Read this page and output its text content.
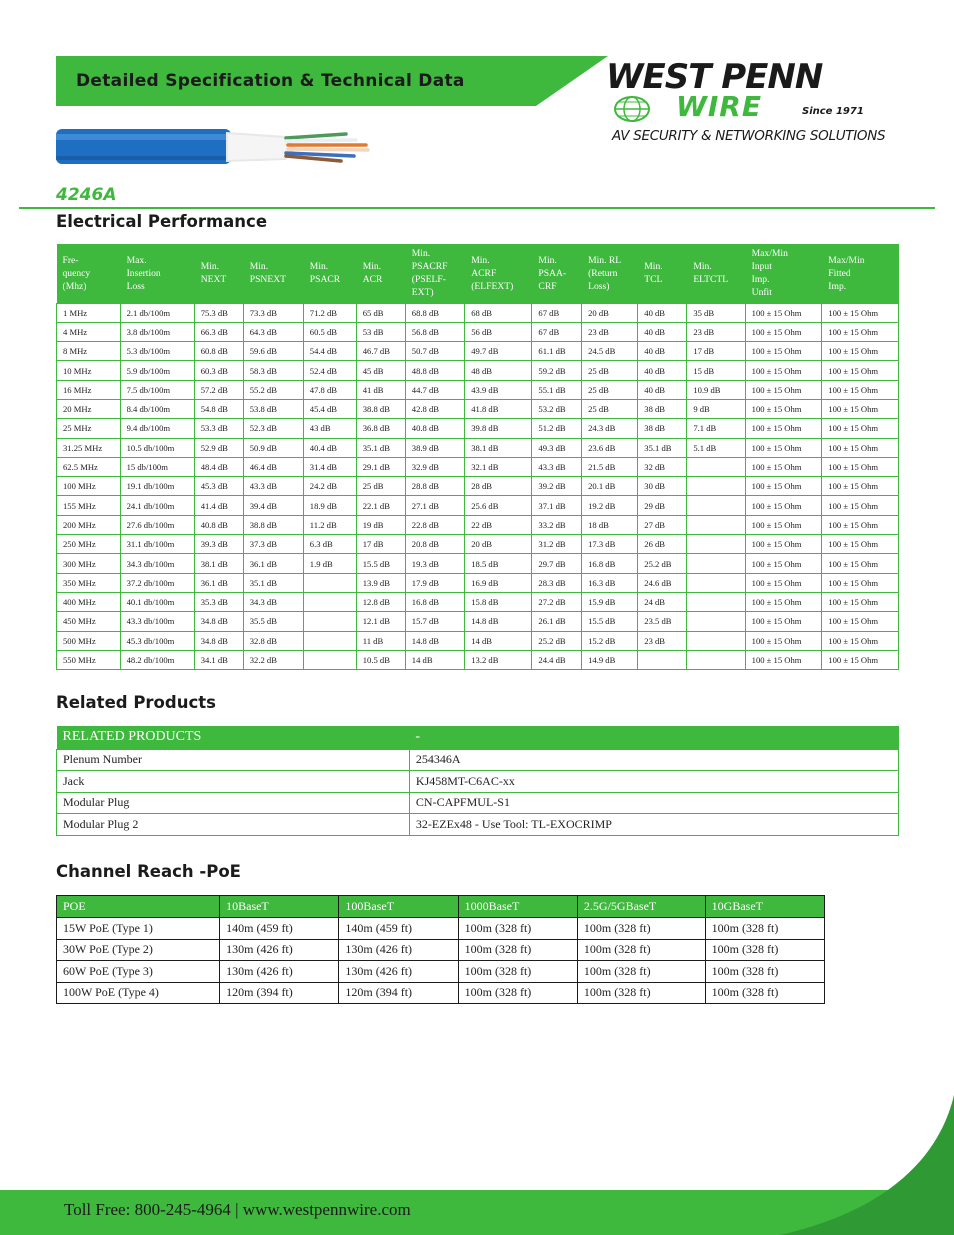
Detailed Specification & Technical Data	WEST PENN
WIRE	Since 1971
AV SECURITY & NETWORKING SOLUTIONS
4246A
Electrical Performance
Fre-
quency
(Mhz)	Max.
Insertion
Loss	Min.
NEXT	Min.
PSNEXT	Min.
PSACR	Min.
ACR	Min.
PSACRF
(PSELF-
EXT)	Min.
ACRF
(ELFEXT)	Min.
PSAA-
CRF	Min. RL
(Return
Loss)	Min.
TCL	Min.
ELTCTL	Max/Min
Input
Imp.
Unfit	Max/Min
Fitted
Imp.
1 MHz	2.1 db/100m	75.3 dB	73.3 dB	71.2 dB	65 dB	68.8 dB	68 dB	67 dB	20 dB	40 dB	35 dB	100 ± 15 Ohm	100 ± 15 Ohm
4 MHz	3.8 db/100m	66.3 dB	64.3 dB	60.5 dB	53 dB	56.8 dB	56 dB	67 dB	23 dB	40 dB	23 dB	100 ± 15 Ohm	100 ± 15 Ohm
8 MHz	5.3 db/100m	60.8 dB	59.6 dB	54.4 dB	46.7 dB	50.7 dB	49.7 dB	61.1 dB	24.5 dB	40 dB	17 dB	100 ± 15 Ohm	100 ± 15 Ohm
10 MHz	5.9 db/100m	60.3 dB	58.3 dB	52.4 dB	45 dB	48.8 dB	48 dB	59.2 dB	25 dB	40 dB	15 dB	100 ± 15 Ohm	100 ± 15 Ohm
16 MHz	7.5 db/100m	57.2 dB	55.2 dB	47.8 dB	41 dB	44.7 dB	43.9 dB	55.1 dB	25 dB	40 dB	10.9 dB	100 ± 15 Ohm	100 ± 15 Ohm
20 MHz	8.4 db/100m	54.8 dB	53.8 dB	45.4 dB	38.8 dB	42.8 dB	41.8 dB	53.2 dB	25 dB	38 dB	9 dB	100 ± 15 Ohm	100 ± 15 Ohm
25 MHz	9.4 db/100m	53.3 dB	52.3 dB	43 dB	36.8 dB	40.8 dB	39.8 dB	51.2 dB	24.3 dB	38 dB	7.1 dB	100 ± 15 Ohm	100 ± 15 Ohm
31.25 MHz	10.5 db/100m	52.9 dB	50.9 dB	40.4 dB	35.1 dB	38.9 dB	38.1 dB	49.3 dB	23.6 dB	35.1 dB	5.1 dB	100 ± 15 Ohm	100 ± 15 Ohm
62.5 MHz	15 db/100m	48.4 dB	46.4 dB	31.4 dB	29.1 dB	32.9 dB	32.1 dB	43.3 dB	21.5 dB	32 dB		100 ± 15 Ohm	100 ± 15 Ohm
100 MHz	19.1 db/100m	45.3 dB	43.3 dB	24.2 dB	25 dB	28.8 dB	28 dB	39.2 dB	20.1 dB	30 dB		100 ± 15 Ohm	100 ± 15 Ohm
155 MHz	24.1 db/100m	41.4 dB	39.4 dB	18.9 dB	22.1 dB	27.1 dB	25.6 dB	37.1 dB	19.2 dB	29 dB		100 ± 15 Ohm	100 ± 15 Ohm
200 MHz	27.6 db/100m	40.8 dB	38.8 dB	11.2 dB	19 dB	22.8 dB	22 dB	33.2 dB	18 dB	27 dB		100 ± 15 Ohm	100 ± 15 Ohm
250 MHz	31.1 db/100m	39.3 dB	37.3 dB	6.3 dB	17 dB	20.8 dB	20 dB	31.2 dB	17.3 dB	26 dB		100 ± 15 Ohm	100 ± 15 Ohm
300 MHz	34.3 db/100m	38.1 dB	36.1 dB	1.9 dB	15.5 dB	19.3 dB	18.5 dB	29.7 dB	16.8 dB	25.2 dB		100 ± 15 Ohm	100 ± 15 Ohm
350 MHz	37.2 db/100m	36.1 dB	35.1 dB		13.9 dB	17.9 dB	16.9 dB	28.3 dB	16.3 dB	24.6 dB		100 ± 15 Ohm	100 ± 15 Ohm
400 MHz	40.1 db/100m	35.3 dB	34.3 dB		12.8 dB	16.8 dB	15.8 dB	27.2 dB	15.9 dB	24 dB		100 ± 15 Ohm	100 ± 15 Ohm
450 MHz	43.3 db/100m	34.8 dB	35.5 dB		12.1 dB	15.7 dB	14.8 dB	26.1 dB	15.5 dB	23.5 dB		100 ± 15 Ohm	100 ± 15 Ohm
500 MHz	45.3 db/100m	34.8 dB	32.8 dB		11 dB	14.8 dB	14 dB	25.2 dB	15.2 dB	23 dB		100 ± 15 Ohm	100 ± 15 Ohm
550 MHz	48.2 db/100m	34.1 dB	32.2 dB		10.5 dB	14 dB	13.2 dB	24.4 dB	14.9 dB			100 ± 15 Ohm	100 ± 15 Ohm
Related Products
RELATED PRODUCTS	-
Plenum Number	254346A
Jack	KJ458MT-C6AC-xx
Modular Plug	CN-CAPFMUL-S1
Modular Plug 2	32-EZEx48 - Use Tool: TL-EXOCRIMP
Channel Reach -PoE
POE	10BaseT	100BaseT	1000BaseT	2.5G/5GBaseT	10GBaseT
15W PoE (Type 1)	140m (459 ft)	140m (459 ft)	100m (328 ft)	100m (328 ft)	100m (328 ft)
30W PoE (Type 2)	130m (426 ft)	130m (426 ft)	100m (328 ft)	100m (328 ft)	100m (328 ft)
60W PoE (Type 3)	130m (426 ft)	130m (426 ft)	100m (328 ft)	100m (328 ft)	100m (328 ft)
100W PoE (Type 4)	120m (394 ft)	120m (394 ft)	100m (328 ft)	100m (328 ft)	100m (328 ft)
Toll Free: 800-245-4964 | www.westpennwire.com
